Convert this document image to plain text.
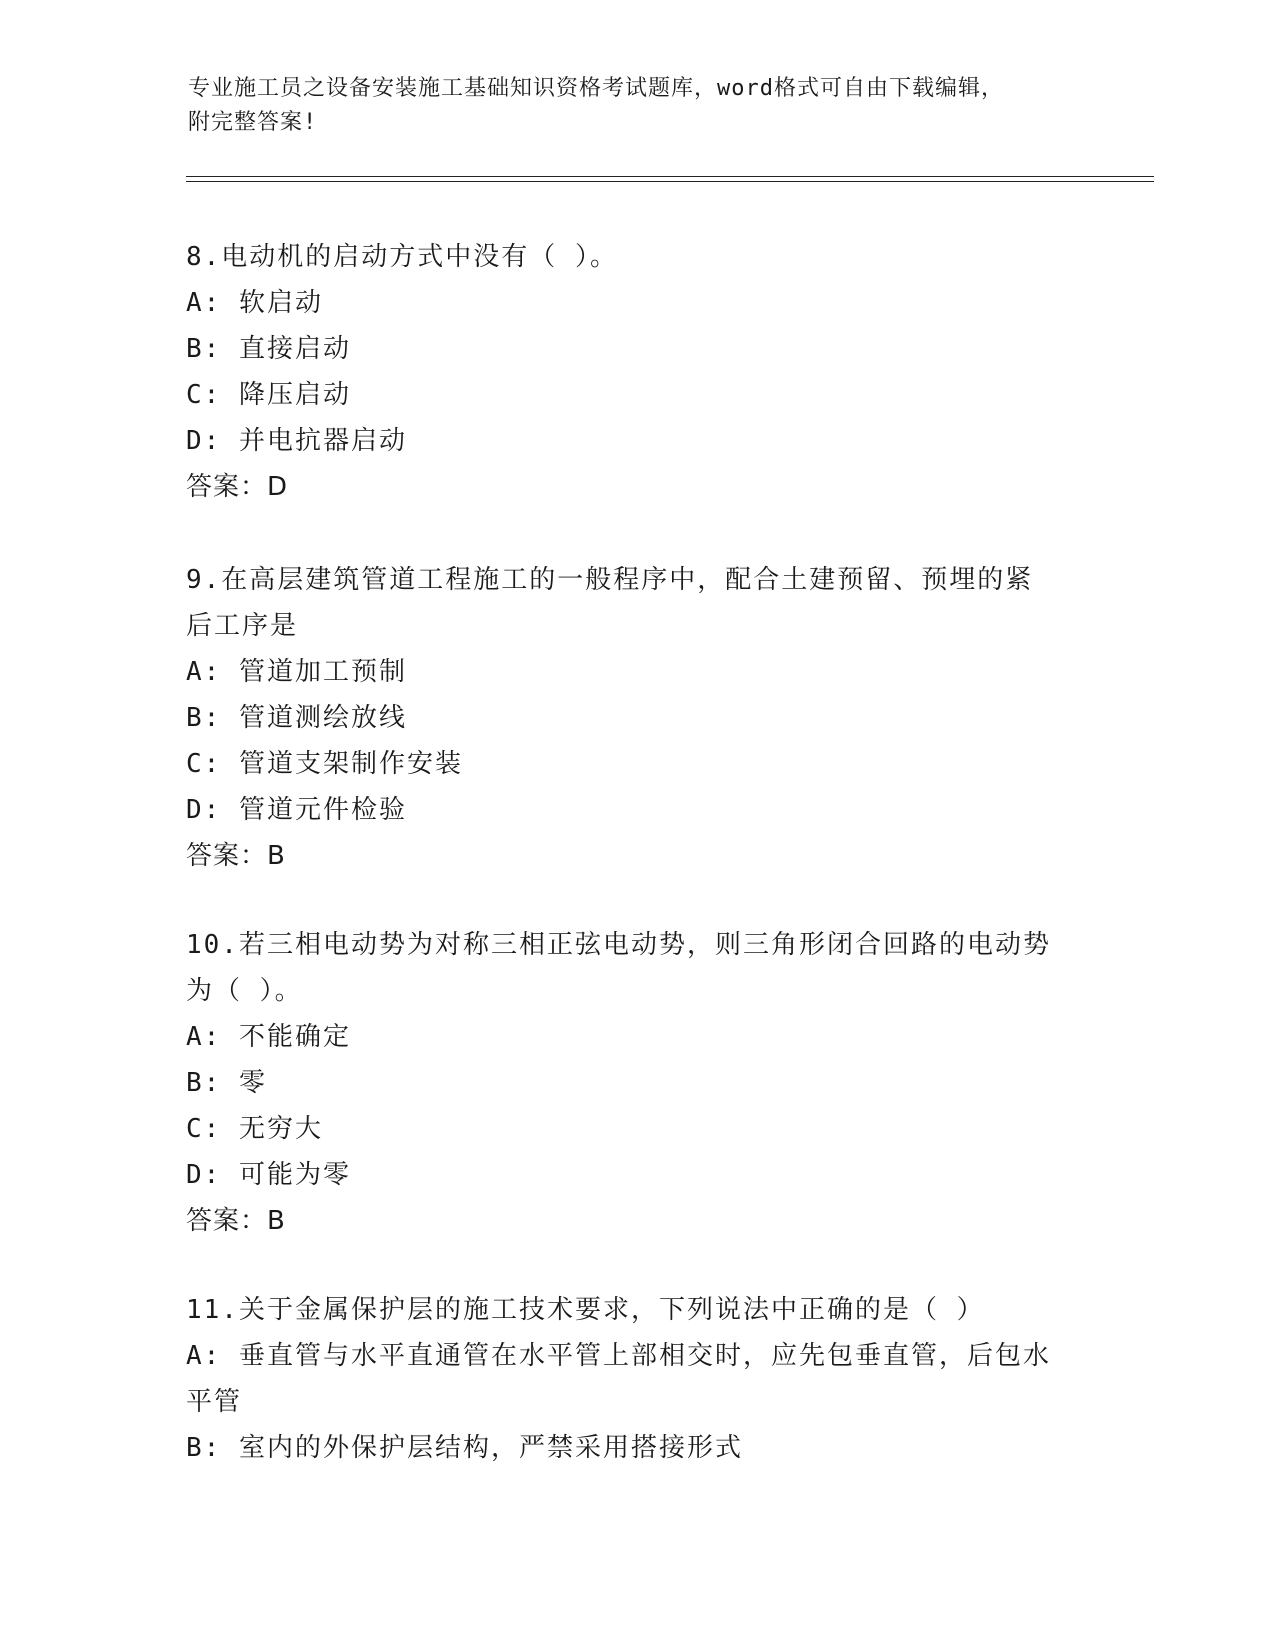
专业施工员之设备安装施工基础知识资格考试题库，word格式可自由下载编辑，
附完整答案!

8.电动机的启动方式中没有（ ）。

A: 软启动

B: 直接启动

C: 降压启动

D: 并电抗器启动

答案：D

9.在高层建筑管道工程施工的一般程序中，配合土建预留、预埋的紧

后工序是

A: 管道加工预制

B: 管道测绘放线

C: 管道支架制作安装

D: 管道元件检验

答案：B

10.若三相电动势为对称三相正弦电动势，则三角形闭合回路的电动势

为（ ）。

A: 不能确定

B: 零

C: 无穷大

D: 可能为零

答案：B

11.关于金属保护层的施工技术要求，下列说法中正确的是（ ）

A: 垂直管与水平直通管在水平管上部相交时，应先包垂直管，后包水

平管

B: 室内的外保护层结构，严禁采用搭接形式
